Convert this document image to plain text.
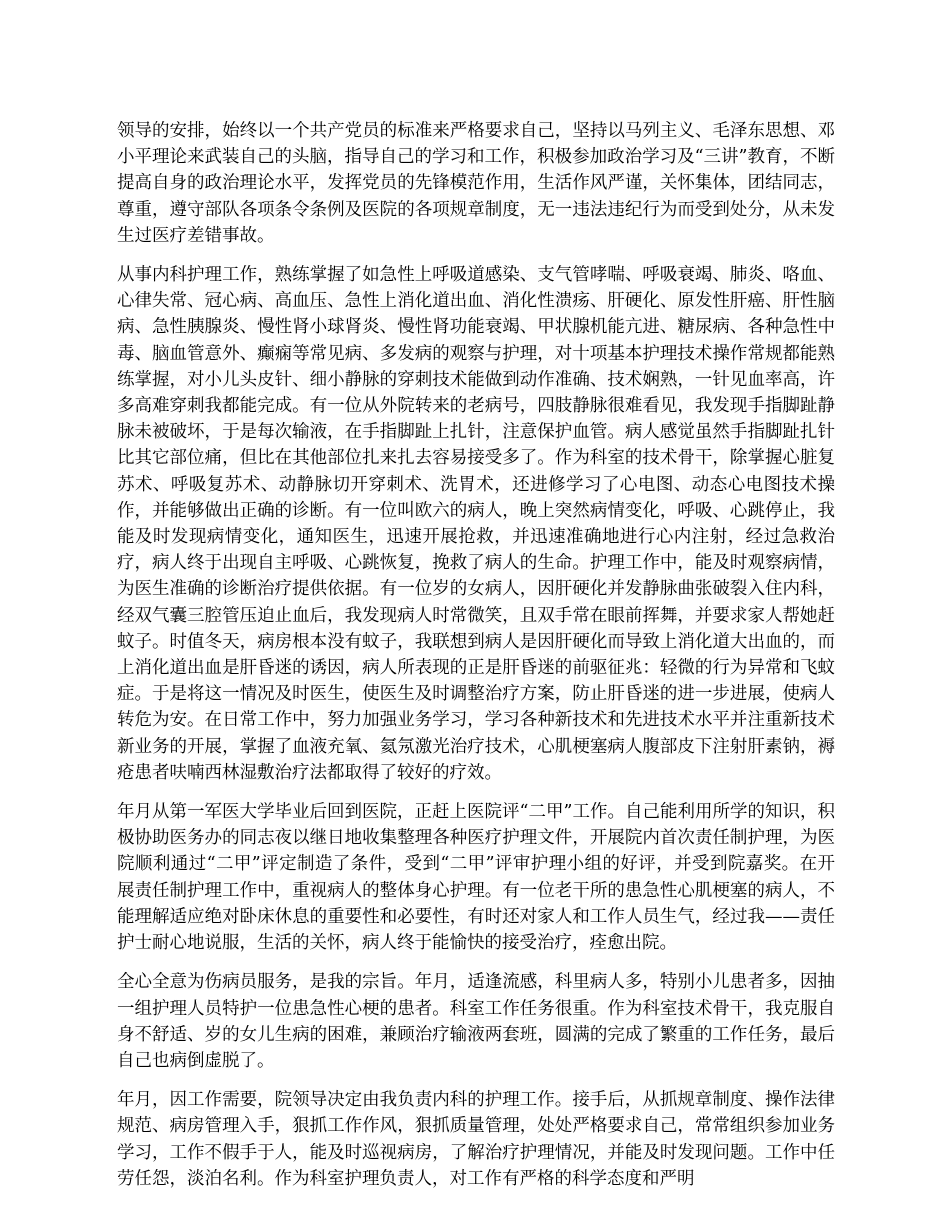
领导的安排，始终以一个共产党员的标准来严格要求自己，坚持以马列主义、毛泽东思想、邓小平理论来武装自己的头脑，指导自己的学习和工作，积极参加政治学习及“三讲”教育，不断提高自身的政治理论水平，发挥党员的先锋模范作用，生活作风严谨，关怀集体，团结同志，尊重，遵守部队各项条令条例及医院的各项规章制度，无一违法违纪行为而受到处分，从未发生过医疗差错事故。

从事内科护理工作，熟练掌握了如急性上呼吸道感染、支气管哮喘、呼吸衰竭、肺炎、咯血、心律失常、冠心病、高血压、急性上消化道出血、消化性溃疡、肝硬化、原发性肝癌、肝性脑病、急性胰腺炎、慢性肾小球肾炎、慢性肾功能衰竭、甲状腺机能亢进、糖尿病、各种急性中毒、脑血管意外、癫痫等常见病、多发病的观察与护理，对十项基本护理技术操作常规都能熟练掌握，对小儿头皮针、细小静脉的穿刺技术能做到动作准确、技术娴熟，一针见血率高，许多高难穿刺我都能完成。有一位从外院转来的老病号，四肢静脉很难看见，我发现手指脚趾静脉未被破坏，于是每次输液，在手指脚趾上扎针，注意保护血管。病人感觉虽然手指脚趾扎针比其它部位痛，但比在其他部位扎来扎去容易接受多了。作为科室的技术骨干，除掌握心脏复苏术、呼吸复苏术、动静脉切开穿刺术、洗胃术，还进修学习了心电图、动态心电图技术操作，并能够做出正确的诊断。有一位叫欧六的病人，晚上突然病情变化，呼吸、心跳停止，我能及时发现病情变化，通知医生，迅速开展抢救，并迅速准确地进行心内注射，经过急救治疗，病人终于出现自主呼吸、心跳恢复，挽救了病人的生命。护理工作中，能及时观察病情，为医生准确的诊断治疗提供依据。有一位岁的女病人，因肝硬化并发静脉曲张破裂入住内科，经双气囊三腔管压迫止血后，我发现病人时常微笑，且双手常在眼前挥舞，并要求家人帮她赶蚊子。时值冬天，病房根本没有蚊子，我联想到病人是因肝硬化而导致上消化道大出血的，而上消化道出血是肝昏迷的诱因，病人所表现的正是肝昏迷的前驱征兆：轻微的行为异常和飞蚊症。于是将这一情况及时医生，使医生及时调整治疗方案，防止肝昏迷的进一步进展，使病人转危为安。在日常工作中，努力加强业务学习，学习各种新技术和先进技术水平并注重新技术新业务的开展，掌握了血液充氧、氦氖激光治疗技术，心肌梗塞病人腹部皮下注射肝素钠，褥疮患者呋喃西林湿敷治疗法都取得了较好的疗效。

年月从第一军医大学毕业后回到医院，正赶上医院评“二甲”工作。自己能利用所学的知识，积极协助医务办的同志夜以继日地收集整理各种医疗护理文件，开展院内首次责任制护理，为医院顺利通过“二甲”评定制造了条件，受到“二甲”评审护理小组的好评，并受到院嘉奖。在开展责任制护理工作中，重视病人的整体身心护理。有一位老干所的患急性心肌梗塞的病人，不能理解适应绝对卧床休息的重要性和必要性，有时还对家人和工作人员生气，经过我——责任护士耐心地说服，生活的关怀，病人终于能愉快的接受治疗，痊愈出院。

全心全意为伤病员服务，是我的宗旨。年月，适逢流感，科里病人多，特别小儿患者多，因抽一组护理人员特护一位患急性心梗的患者。科室工作任务很重。作为科室技术骨干，我克服自身不舒适、岁的女儿生病的困难，兼顾治疗输液两套班，圆满的完成了繁重的工作任务，最后自己也病倒虚脱了。

年月，因工作需要，院领导决定由我负责内科的护理工作。接手后，从抓规章制度、操作法律规范、病房管理入手，狠抓工作作风，狠抓质量管理，处处严格要求自己，常常组织参加业务学习，工作不假手于人，能及时巡视病房，了解治疗护理情况，并能及时发现问题。工作中任劳任怨，淡泊名利。作为科室护理负责人，对工作有严格的科学态度和严明
